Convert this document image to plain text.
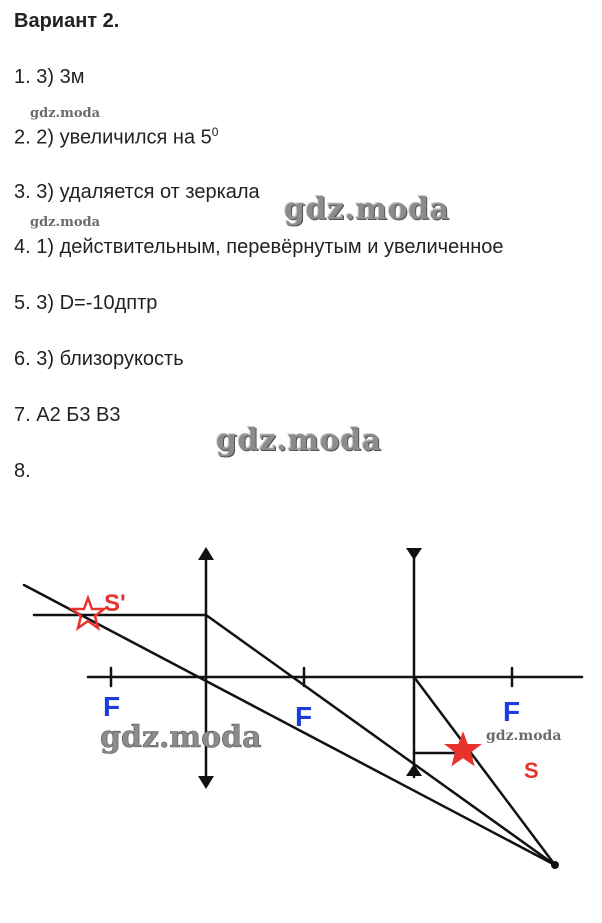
Вариант 2.
1. 3) 3м
2. 2) увеличился на $5^0$
3. 3) удаляется от зеркала
4. 1) действительным, перевёрнутым и увеличенное
5. 3) D=-10дптр
6. 3) близорукость
7. А2 Б3 В3
8.
gdz.moda
gdz.moda	gdz.moda
gdz.moda
S'
S
F	F	F
gdz.moda	gdz.moda
